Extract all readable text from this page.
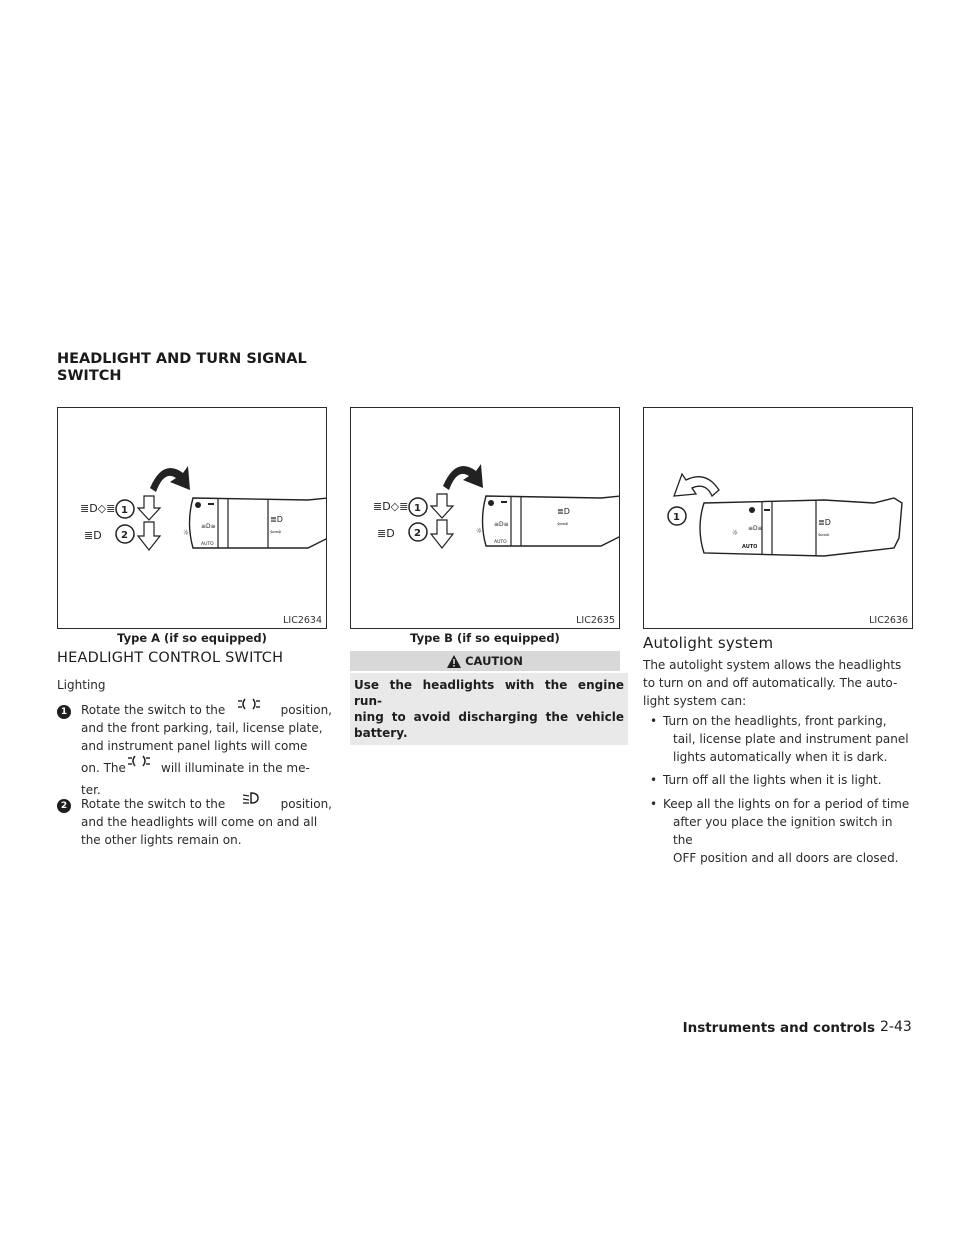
HEADLIGHT AND TURN SIGNAL SWITCH
☼
≡D≡
AUTO
≣D
⇦⇨
1
2
≣D◇≣
≣D
LIC2634
Type A (if so equipped)
☼
≡D≡
AUTO
≣D
⇦⇨
1
2
≣D◇≣
≣D
LIC2635
Type B (if so equipped)
☼
≡D≡
AUTO
≣D
⇦⇨
1
LIC2636
HEADLIGHT CONTROL SWITCH
Lighting
1 Rotate the switch to the	position,
and the front parking, tail, license plate,
and instrument panel lights will come
on. The	will illuminate in the me-
ter.
2 Rotate the switch to the	position,
and the headlights will come on and all
the other lights remain on.
CAUTION
Use the headlights with the engine run-
ning to avoid discharging the vehicle
battery.
Autolight system
The autolight system allows the headlights
to turn on and off automatically. The auto-
light system can:
• Turn on the headlights, front parking,
tail, license plate and instrument panel
lights automatically when it is dark.
• Turn off all the lights when it is light.
• Keep all the lights on for a period of time
after you place the ignition switch in the
OFF position and all doors are closed.
Instruments and controls 2-43
